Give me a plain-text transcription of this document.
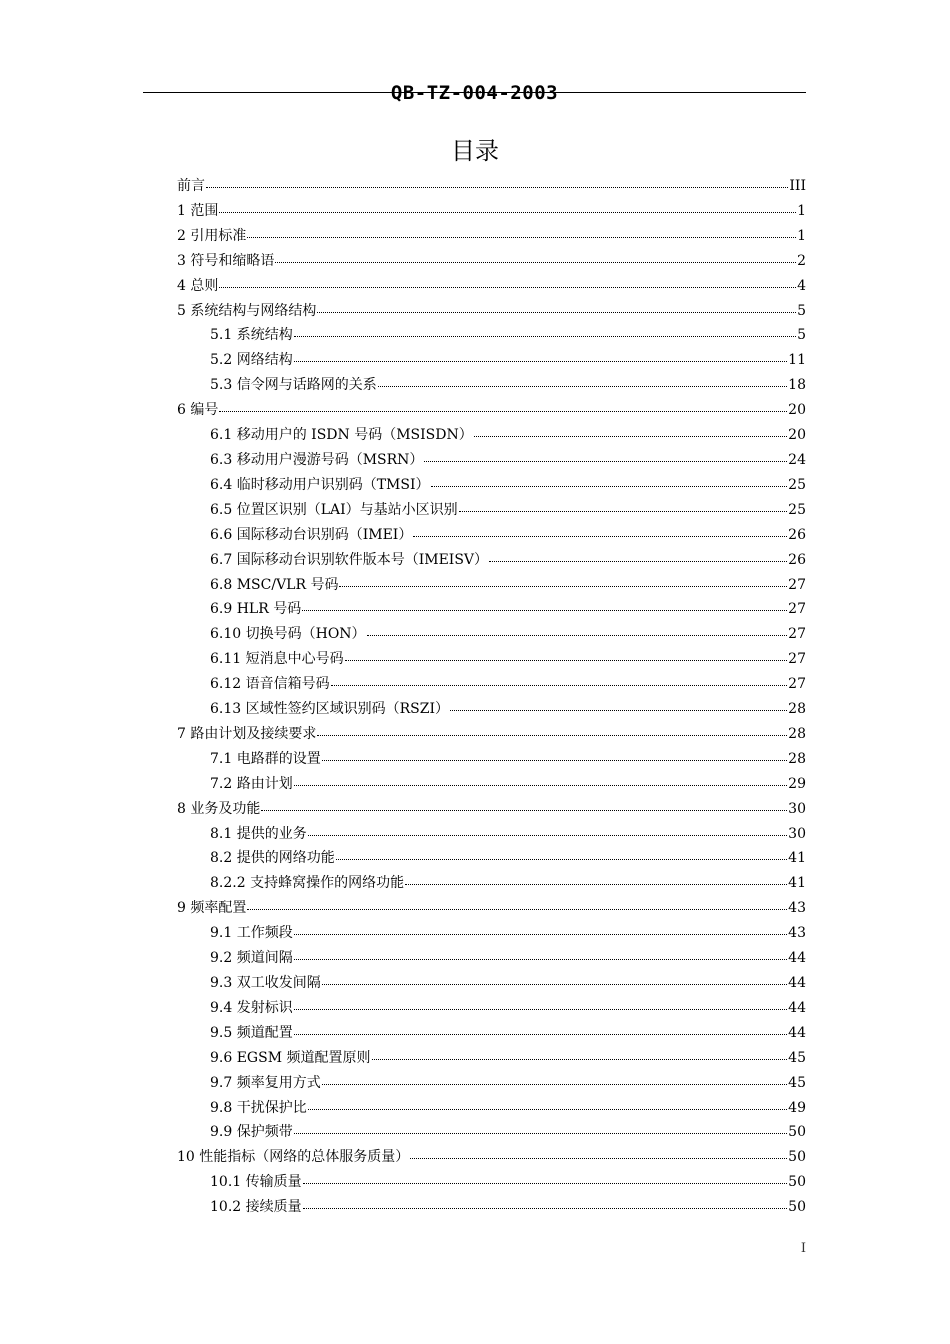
QB-TZ-004-2003
目录
前言	III
1 范围	1
2 引用标准	1
3 符号和缩略语	2
4 总则	4
5 系统结构与网络结构	5
5.1 系统结构	5
5.2 网络结构	11
5.3 信令网与话路网的关系	18
6 编号	20
6.1 移动用户的 ISDN 号码（MSISDN）	20
6.3 移动用户漫游号码（MSRN）	24
6.4 临时移动用户识别码（TMSI）	25
6.5 位置区识别（LAI）与基站小区识别	25
6.6 国际移动台识别码（IMEI）	26
6.7 国际移动台识别软件版本号（IMEISV）	26
6.8 MSC/VLR 号码	27
6.9 HLR 号码	27
6.10 切换号码（HON）	27
6.11 短消息中心号码	27
6.12 语音信箱号码	27
6.13 区域性签约区域识别码（RSZI）	28
7 路由计划及接续要求	28
7.1 电路群的设置	28
7.2 路由计划	29
8 业务及功能	30
8.1 提供的业务	30
8.2 提供的网络功能	41
8.2.2 支持蜂窝操作的网络功能	41
9 频率配置	43
9.1 工作频段	43
9.2 频道间隔	44
9.3 双工收发间隔	44
9.4 发射标识	44
9.5 频道配置	44
9.6 EGSM 频道配置原则	45
9.7 频率复用方式	45
9.8 干扰保护比	49
9.9 保护频带	50
10 性能指标（网络的总体服务质量）	50
10.1 传输质量	50
10.2 接续质量	50
I
